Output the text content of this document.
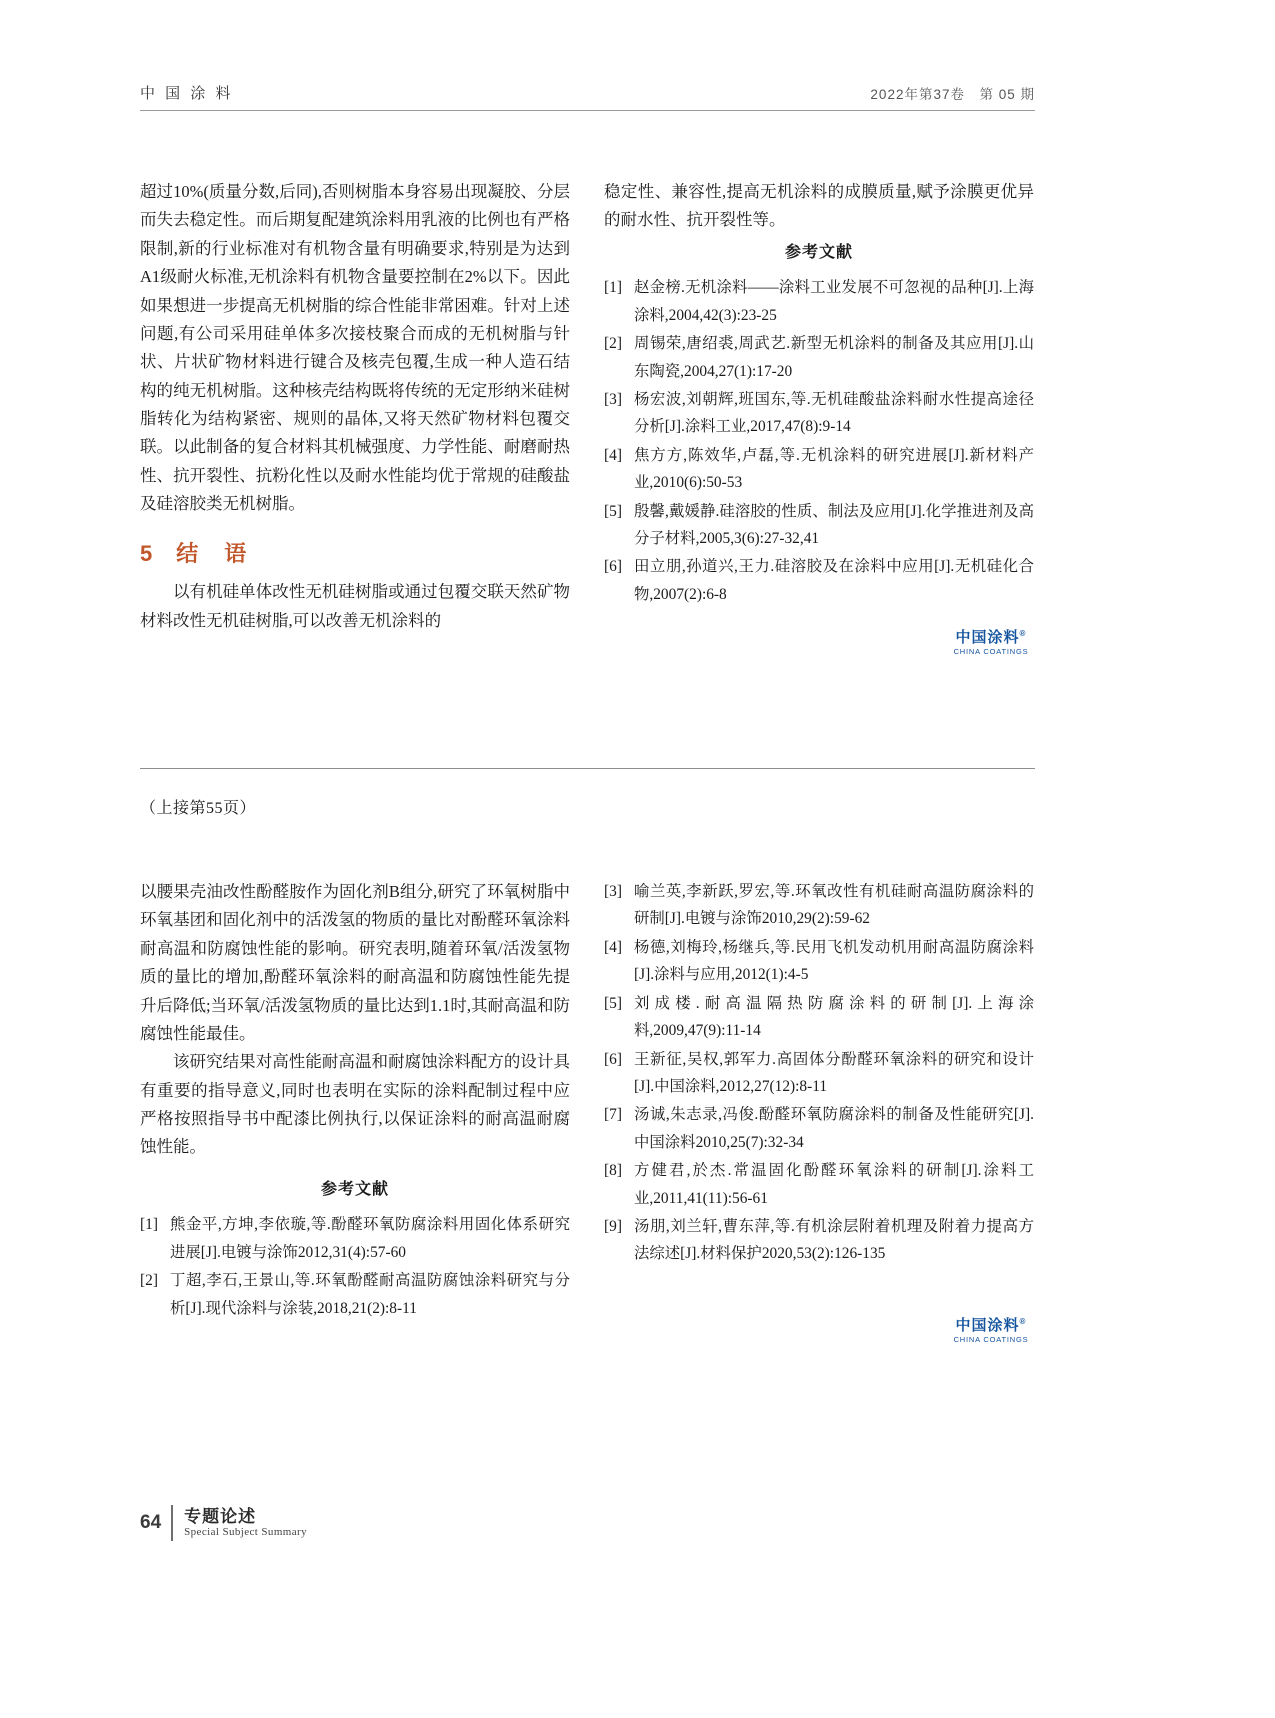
中 国 涂 料	2022年第37卷　第 05 期

超过10%(质量分数,后同),否则树脂本身容易出现凝胶、分层而失去稳定性。而后期复配建筑涂料用乳液的比例也有严格限制,新的行业标准对有机物含量有明确要求,特别是为达到A1级耐火标准,无机涂料有机物含量要控制在2%以下。因此如果想进一步提高无机树脂的综合性能非常困难。针对上述问题,有公司采用硅单体多次接枝聚合而成的无机树脂与针状、片状矿物材料进行键合及核壳包覆,生成一种人造石结构的纯无机树脂。这种核壳结构既将传统的无定形纳米硅树脂转化为结构紧密、规则的晶体,又将天然矿物材料包覆交联。以此制备的复合材料其机械强度、力学性能、耐磨耐热性、抗开裂性、抗粉化性以及耐水性能均优于常规的硅酸盐及硅溶胶类无机树脂。

5 结　语

以有机硅单体改性无机硅树脂或通过包覆交联天然矿物材料改性无机硅树脂,可以改善无机涂料的

稳定性、兼容性,提高无机涂料的成膜质量,赋予涂膜更优异的耐水性、抗开裂性等。

参考文献
[1] 赵金榜.无机涂料——涂料工业发展不可忽视的品种[J].上海涂料,2004,42(3):23-25
[2] 周锡荣,唐绍裘,周武艺.新型无机涂料的制备及其应用[J].山东陶瓷,2004,27(1):17-20
[3] 杨宏波,刘朝辉,班国东,等.无机硅酸盐涂料耐水性提高途径分析[J].涂料工业,2017,47(8):9-14
[4] 焦方方,陈效华,卢磊,等.无机涂料的研究进展[J].新材料产业,2010(6):50-53
[5] 殷馨,戴媛静.硅溶胶的性质、制法及应用[J].化学推进剂及高分子材料,2005,3(6):27-32,41
[6] 田立朋,孙道兴,王力.硅溶胶及在涂料中应用[J].无机硅化合物,2007(2):6-8
中国涂料®
CHINA COATINGS
（上接第55页）

以腰果壳油改性酚醛胺作为固化剂B组分,研究了环氧树脂中环氧基团和固化剂中的活泼氢的物质的量比对酚醛环氧涂料耐高温和防腐蚀性能的影响。研究表明,随着环氧/活泼氢物质的量比的增加,酚醛环氧涂料的耐高温和防腐蚀性能先提升后降低;当环氧/活泼氢物质的量比达到1.1时,其耐高温和防腐蚀性能最佳。

该研究结果对高性能耐高温和耐腐蚀涂料配方的设计具有重要的指导意义,同时也表明在实际的涂料配制过程中应严格按照指导书中配漆比例执行,以保证涂料的耐高温耐腐蚀性能。

参考文献
[1] 熊金平,方坤,李依璇,等.酚醛环氧防腐涂料用固化体系研究进展[J].电镀与涂饰2012,31(4):57-60
[2] 丁超,李石,王景山,等.环氧酚醛耐高温防腐蚀涂料研究与分析[J].现代涂料与涂装,2018,21(2):8-11
[3] 喻兰英,李新跃,罗宏,等.环氧改性有机硅耐高温防腐涂料的研制[J].电镀与涂饰2010,29(2):59-62
[4] 杨德,刘梅玲,杨继兵,等.民用飞机发动机用耐高温防腐涂料[J].涂料与应用,2012(1):4-5
[5] 刘成楼.耐高温隔热防腐涂料的研制[J].上海涂料,2009,47(9):11-14
[6] 王新征,吴权,郭军力.高固体分酚醛环氧涂料的研究和设计[J].中国涂料,2012,27(12):8-11
[7] 汤诚,朱志录,冯俊.酚醛环氧防腐涂料的制备及性能研究[J].中国涂料2010,25(7):32-34
[8] 方健君,於杰.常温固化酚醛环氧涂料的研制[J].涂料工业,2011,41(11):56-61
[9] 汤朋,刘兰轩,曹东萍,等.有机涂层附着机理及附着力提高方法综述[J].材料保护2020,53(2):126-135
中国涂料®
CHINA COATINGS
64	专题论述
Special Subject Summary
